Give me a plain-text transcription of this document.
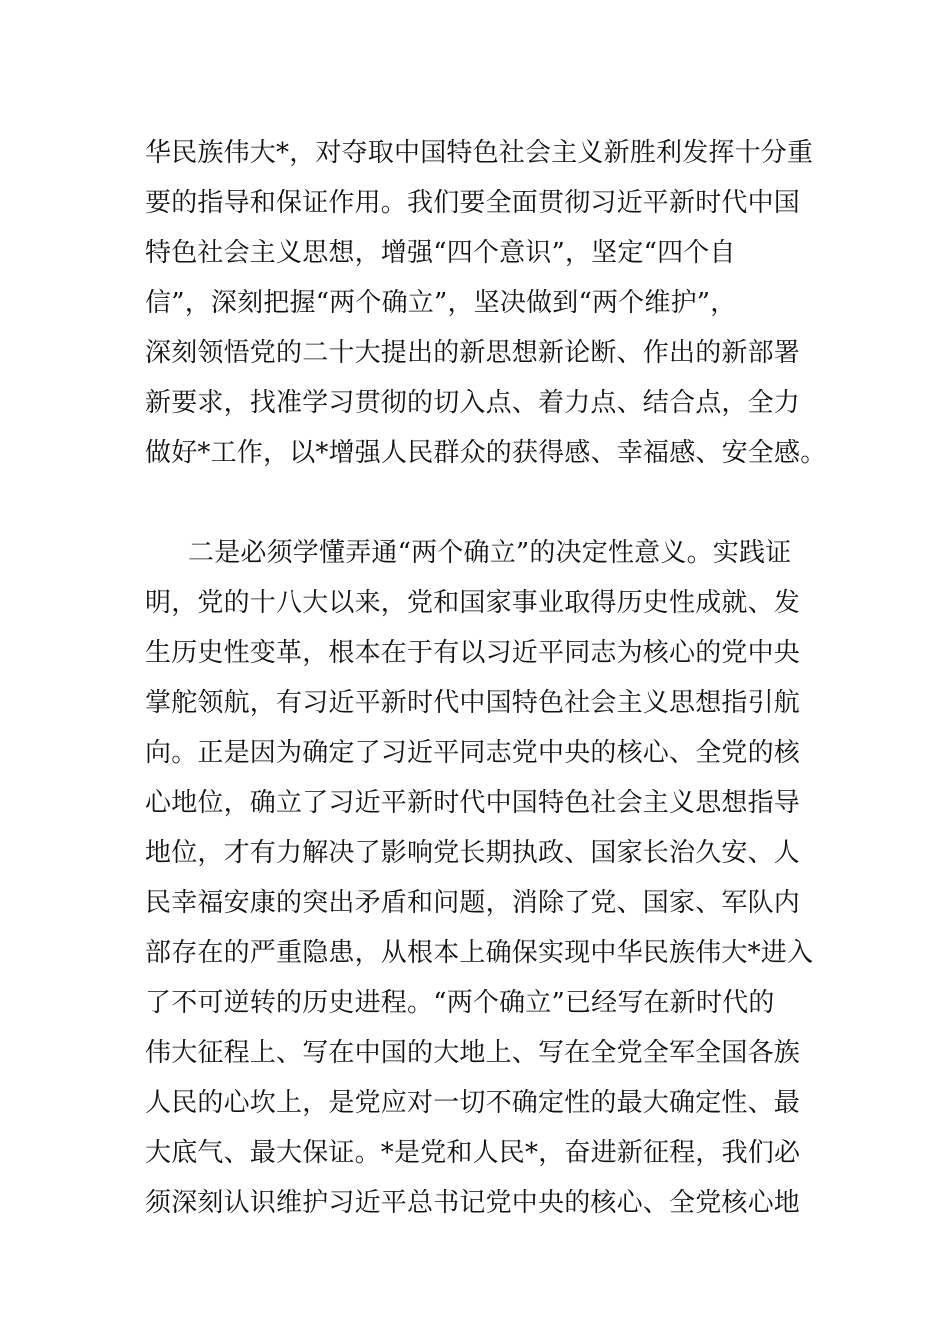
华民族伟大*，对夺取中国特色社会主义新胜利发挥十分重
要的指导和保证作用。我们要全面贯彻习近平新时代中国
特色社会主义思想，增强“四个意识”，坚定“四个自
信”，深刻把握“两个确立”，坚决做到“两个维护”，
深刻领悟党的二十大提出的新思想新论断、作出的新部署
新要求，找准学习贯彻的切入点、着力点、结合点，全力
做好*工作，以*增强人民群众的获得感、幸福感、安全感。
二是必须学懂弄通“两个确立”的决定性意义。实践证
明，党的十八大以来，党和国家事业取得历史性成就、发
生历史性变革，根本在于有以习近平同志为核心的党中央
掌舵领航，有习近平新时代中国特色社会主义思想指引航
向。正是因为确定了习近平同志党中央的核心、全党的核
心地位，确立了习近平新时代中国特色社会主义思想指导
地位，才有力解决了影响党长期执政、国家长治久安、人
民幸福安康的突出矛盾和问题，消除了党、国家、军队内
部存在的严重隐患，从根本上确保实现中华民族伟大*进入
了不可逆转的历史进程。“两个确立”已经写在新时代的
伟大征程上、写在中国的大地上、写在全党全军全国各族
人民的心坎上，是党应对一切不确定性的最大确定性、最
大底气、最大保证。*是党和人民*，奋进新征程，我们必
须深刻认识维护习近平总书记党中央的核心、全党核心地
